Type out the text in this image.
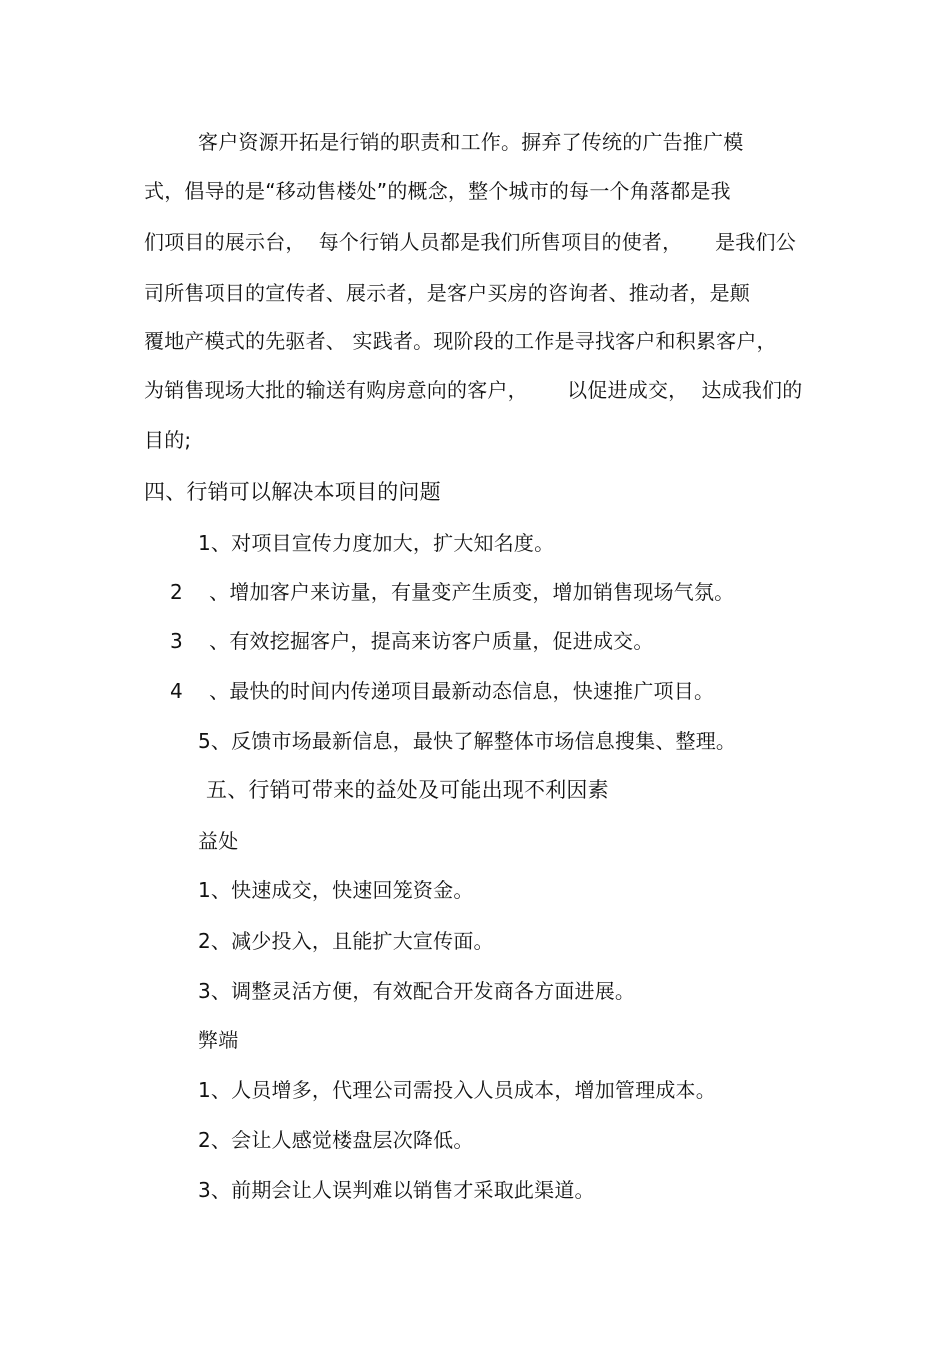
客户资源开拓是行销的职责和工作。摒弃了传统的广告推广模
式，倡导的是“移动售楼处”的概念，整个城市的每一个角落都是我
们项目的展示台，  每个行销人员都是我们所售项目的使者，     是我们公
司所售项目的宣传者、展示者，是客户买房的咨询者、推动者，是颠
覆地产模式的先驱者、 实践者。现阶段的工作是寻找客户和积累客户，
为销售现场大批的输送有购房意向的客户，      以促进成交，  达成我们的
目的;
四、行销可以解决本项目的问题
1、对项目宣传力度加大，扩大知名度。
2    、增加客户来访量，有量变产生质变，增加销售现场气氛。
3    、有效挖掘客户，提高来访客户质量，促进成交。
4    、最快的时间内传递项目最新动态信息，快速推广项目。
5、反馈市场最新信息，最快了解整体市场信息搜集、整理。
五、行销可带来的益处及可能出现不利因素
益处
1、快速成交，快速回笼资金。
2、减少投入，且能扩大宣传面。
3、调整灵活方便，有效配合开发商各方面进展。
弊端
1、人员增多，代理公司需投入人员成本，增加管理成本。
2、会让人感觉楼盘层次降低。
3、前期会让人误判难以销售才采取此渠道。
